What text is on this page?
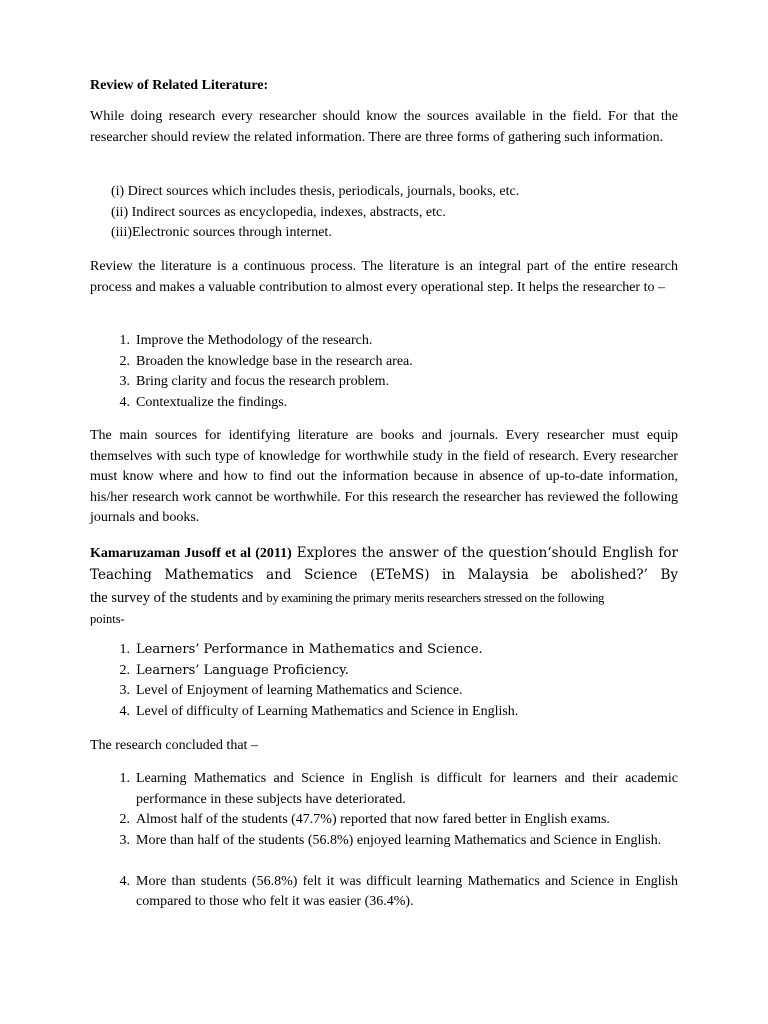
Review of Related Literature:
While doing research every researcher should know the sources available in the field. For that the researcher should review the related information. There are three forms of gathering such information.
(i) Direct sources which includes thesis, periodicals, journals, books, etc.
(ii) Indirect sources as encyclopedia, indexes, abstracts, etc.
(iii)Electronic sources through internet.
Review the literature is a continuous process. The literature is an integral part of the entire research process and makes a valuable contribution to almost every operational step. It helps the researcher to –
1. Improve the Methodology of the research.
2. Broaden the knowledge base in the research area.
3. Bring clarity and focus the research problem.
4. Contextualize the findings.
The main sources for identifying literature are books and journals. Every researcher must equip themselves with such type of knowledge for worthwhile study in the field of research. Every researcher must know where and how to find out the information because in absence of up-to-date information, his/her research work cannot be worthwhile. For this research the researcher has reviewed the following journals and books.
Kamaruzaman Jusoff et al (2011) Explores the answer of the question‘should English for
Teaching Mathematics and Science (ETeMS) in Malaysia be abolished?’ By
the survey of the students and by examining the primary merits researchers stressed on the following
points-
1. Learners’ Performance in Mathematics and Science.
2. Learners’ Language Proficiency.
3. Level of Enjoyment of learning Mathematics and Science.
4. Level of difficulty of Learning Mathematics and Science in English.
The research concluded that –
1. Learning Mathematics and Science in English is difficult for learners and their academic performance in these subjects have deteriorated.
2. Almost half of the students (47.7%) reported that now fared better in English exams.
3. More than half of the students (56.8%) enjoyed learning Mathematics and Science in English.
4. More than students (56.8%) felt it was difficult learning Mathematics and Science in English compared to those who felt it was easier (36.4%).
